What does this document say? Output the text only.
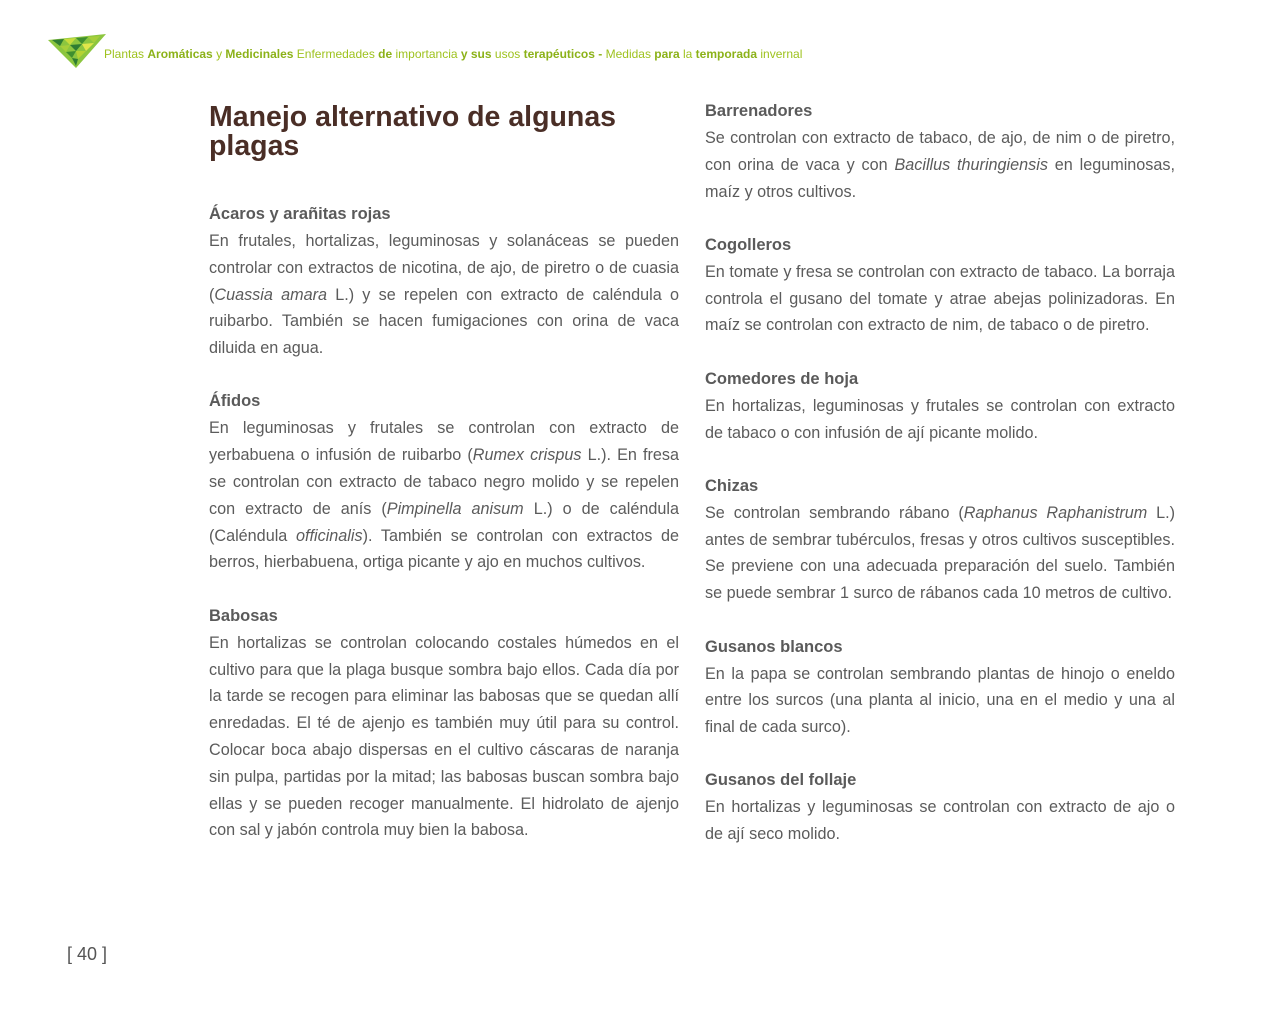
Plantas Aromáticas y Medicinales Enfermedades de importancia y sus usos terapéuticos - Medidas para la temporada invernal
Manejo alternativo de algunas plagas
Ácaros y arañitas rojas

En frutales, hortalizas, leguminosas y solanáceas se pueden controlar con extractos de nicotina, de ajo, de piretro o de cuasia (Cuassia amara L.) y se repelen con extracto de caléndula o ruibarbo. También se hacen fumigaciones con orina de vaca diluida en agua.

Áfidos

En leguminosas y frutales se controlan con extracto de yerbabuena o infusión de ruibarbo (Rumex crispus L.). En fresa se controlan con extracto de tabaco negro molido y se repelen con extracto de anís (Pimpinella anisum L.) o de caléndula (Caléndula officinalis). También se controlan con extractos de berros, hierbabuena, ortiga picante y ajo en muchos cultivos.

Babosas

En hortalizas se controlan colocando costales húmedos en el cultivo para que la plaga busque sombra bajo ellos. Cada día por la tarde se recogen para eliminar las babosas que se quedan allí enredadas. El té de ajenjo es también muy útil para su control. Colocar boca abajo dispersas en el cultivo cáscaras de naranja sin pulpa, partidas por la mitad; las babosas buscan sombra bajo ellas y se pueden recoger manualmente. El hidrolato de ajenjo con sal y jabón controla muy bien la babosa.

Barrenadores

Se controlan con extracto de tabaco, de ajo, de nim o de piretro, con orina de vaca y con Bacillus thuringiensis en leguminosas, maíz y otros cultivos.

Cogolleros

En tomate y fresa se controlan con extracto de tabaco. La borraja controla el gusano del tomate y atrae abejas polinizadoras. En maíz se controlan con extracto de nim, de tabaco o de piretro.

Comedores de hoja

En hortalizas, leguminosas y frutales se controlan con extracto de tabaco o con infusión de ají picante molido.

Chizas

Se controlan sembrando rábano (Raphanus Raphanistrum L.) antes de sembrar tubérculos, fresas y otros cultivos susceptibles. Se previene con una adecuada preparación del suelo. También se puede sembrar 1 surco de rábanos cada 10 metros de cultivo.

Gusanos blancos

En la papa se controlan sembrando plantas de hinojo o eneldo entre los surcos (una planta al inicio, una en el medio y una al final de cada surco).

Gusanos del follaje

En hortalizas y leguminosas se controlan con extracto de ajo o de ají seco molido.

[ 40 ]
